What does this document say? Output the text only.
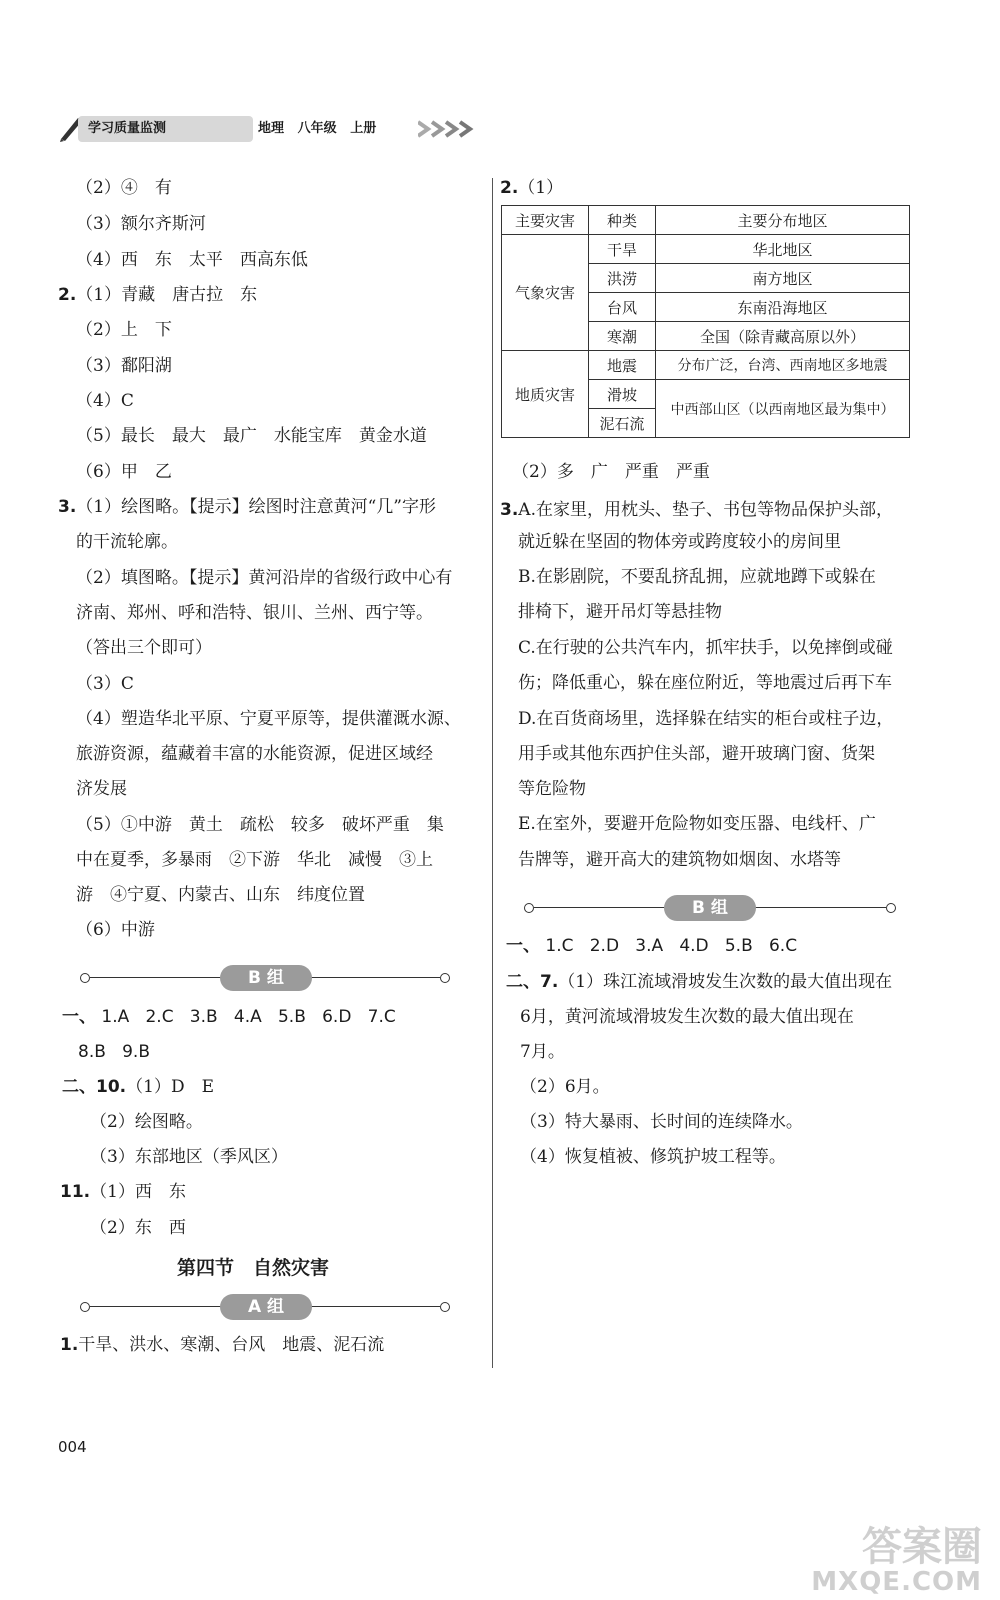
学习质量监测	地理 八年级 上册
（2）④　有
（3）额尔齐斯河
（4）西　东　太平　西高东低
2.（1）青藏　唐古拉　东
（2）上　下
（3）鄱阳湖
（4）C
（5）最长　最大　最广　水能宝库　黄金水道
（6）甲　乙
3.（1）绘图略。【提示】绘图时注意黄河“几”字形
的干流轮廓。
（2）填图略。【提示】黄河沿岸的省级行政中心有
济南、郑州、呼和浩特、银川、兰州、西宁等。
（答出三个即可）
（3）C
（4）塑造华北平原、宁夏平原等，提供灌溉水源、
旅游资源，蕴藏着丰富的水能资源，促进区域经
济发展
（5）①中游　黄土　疏松　较多　破坏严重　集
中在夏季，多暴雨　②下游　华北　减慢　③上
游　④宁夏、内蒙古、山东　纬度位置
（6）中游
B 组
一、 1.A 2.C 3.B 4.A 5.B 6.D 7.C
8.B 9.B
二、10.（1）D　E
（2）绘图略。
（3）东部地区（季风区）
11.（1）西　东
（2）东　西
第四节　自然灾害
A 组
1.干旱、洪水、寒潮、台风　地震、泥石流
2.（1）
主要灾害	种类	主要分布地区
气象灾害	干旱	华北地区
	洪涝	南方地区
	台风	东南沿海地区
	寒潮	全国（除青藏高原以外）
地质灾害	地震	分布广泛，台湾、西南地区多地震
	滑坡	中西部山区（以西南地区最为集中）
	泥石流	
（2）多　广　严重　严重
3.A.在家里，用枕头、垫子、书包等物品保护头部，
就近躲在坚固的物体旁或跨度较小的房间里
B.在影剧院，不要乱挤乱拥，应就地蹲下或躲在
排椅下，避开吊灯等悬挂物
C.在行驶的公共汽车内，抓牢扶手，以免摔倒或碰
伤；降低重心，躲在座位附近，等地震过后再下车
D.在百货商场里，选择躲在结实的柜台或柱子边，
用手或其他东西护住头部，避开玻璃门窗、货架
等危险物
E.在室外，要避开危险物如变压器、电线杆、广
告牌等，避开高大的建筑物如烟囱、水塔等
B 组
一、 1.C 2.D 3.A 4.D 5.B 6.C
二、7.（1）珠江流域滑坡发生次数的最大值出现在
6月，黄河流域滑坡发生次数的最大值出现在
7月。
（2）6月。
（3）特大暴雨、长时间的连续降水。
（4）恢复植被、修筑护坡工程等。
004
答案圈
MXQE.COM
